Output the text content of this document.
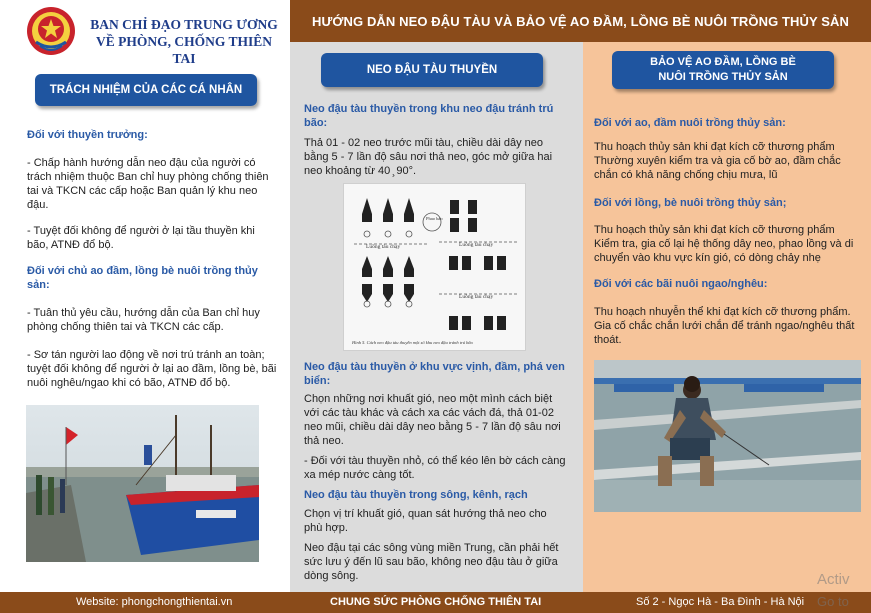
BAN CHỈ ĐẠO TRUNG ƯƠNG
VỀ PHÒNG, CHỐNG THIÊN TAI
HƯỚNG DẪN NEO ĐẬU TÀU VÀ BẢO VỆ AO ĐẦM, LỒNG BÈ NUÔI TRỒNG THỦY SẢN
TRÁCH NHIỆM CỦA CÁC CÁ NHÂN
Đối với thuyền trưởng:
- Chấp hành hướng dẫn neo đậu của người có trách nhiệm thuộc Ban chỉ huy phòng chống thiên tai và TKCN các cấp hoặc Ban quản lý khu neo đậu.
- Tuyệt đối không để người ở lại tầu thuyền khi bão, ATNĐ đổ bộ.
Đối với chủ ao đầm, lồng bè nuôi trồng thủy sản:
- Tuân thủ yêu cầu, hướng dẫn của Ban chỉ huy phòng chống thiên tai và TKCN các cấp.
- Sơ tán người lao động về nơi trú tránh an toàn; tuyệt đối không để người ở lại ao đầm, lồng bè, bãi nuôi nghêu/ngao khi có bão, ATNĐ đổ bộ.
NEO ĐẬU TÀU THUYỀN
Neo đậu tàu thuyền trong khu neo đậu tránh trú bão:
Thả 01 - 02 neo trước mũi tàu, chiều dài dây neo bằng 5 - 7 lần độ sâu nơi thả neo, góc mở giữa hai neo khoảng từ 40 ̧ 90°.
Luồng tàu chạy	Luồng tàu chạy
Luồng tàu chạy
Phao báo
Hình 5. Cách neo đậu tàu thuyền một số khu neo đậu tránh trú bão
Neo đậu tàu thuyền ở khu vực vịnh, đầm, phá ven biển:
Chọn những nơi khuất gió, neo một mình cách biệt với các tàu khác và cách xa các vách đá, thả 01-02 neo mũi, chiều dài dây neo bằng 5 - 7 lần độ sâu nơi thả neo.
- Đối với tàu thuyền nhỏ, có thể kéo lên bờ cách càng xa mép nước càng tốt.
Neo đậu tàu thuyền trong sông, kênh, rạch
Chọn vị trí khuất gió, quan sát hướng thả neo cho phù hợp.
Neo đậu tại các sông vùng miền Trung, cần phải hết sức lưu ý đến lũ sau bão, không neo đậu tàu ở giữa dòng sông.
BẢO VỆ AO ĐẦM, LỒNG BÈ
NUÔI TRỒNG THỦY SẢN
Đối với ao, đầm nuôi trồng thủy sản:
Thu hoạch thủy sản khi đạt kích cỡ thương phẩm Thường xuyên kiểm tra và gia cố bờ ao, đầm chắc chắn có khả năng chống chịu mưa, lũ
Đối với lồng, bè nuôi trồng thủy sản;
Thu hoạch thủy sản khi đạt kích cỡ thương phẩm Kiểm tra, gia cố lại hệ thống dây neo, phao lồng và di chuyển vào khu vực kín gió, có dòng chảy nhẹ
Đối với các bãi nuôi ngao/nghêu:
Thu hoạch nhuyễn thể khi đạt kích cỡ thương phẩm. Gia cố chắc chắn lưới chắn để tránh ngao/nghêu thất thoát.
Activ
Go to
Website: phongchongthientai.vn	CHUNG SỨC PHÒNG CHỐNG THIÊN TAI	Số 2 - Ngọc Hà - Ba Đình - Hà Nội
